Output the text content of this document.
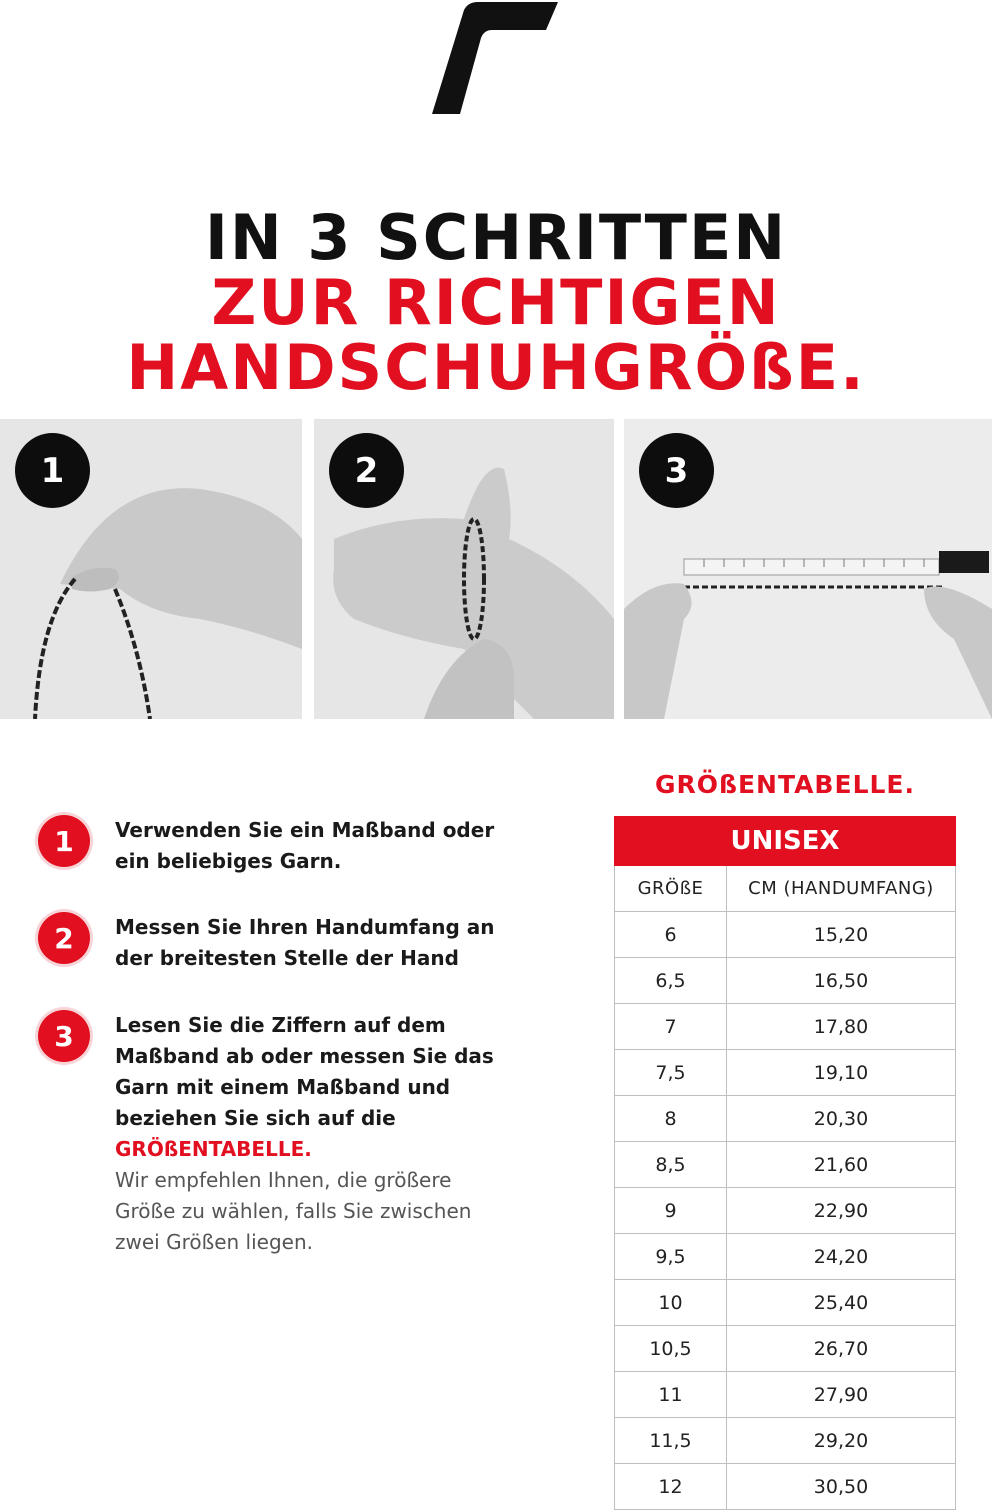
IN 3 SCHRITTEN
ZUR RICHTIGEN
HANDSCHUHGRÖßE.
1	2	3
1	Verwenden Sie ein Maßband oder ein beliebiges Garn.
2	Messen Sie Ihren Handumfang an der breitesten Stelle der Hand
3	Lesen Sie die Ziffern auf dem Maßband ab oder messen Sie das Garn mit einem Maßband und beziehen Sie sich auf die GRÖßENTABELLE.
Wir empfehlen Ihnen, die größere Größe zu wählen, falls Sie zwischen zwei Größen liegen.
GRÖßENTABELLE.
UNISEX
GRÖßE	CM (HANDUMFANG)
6	15,20
6,5	16,50
7	17,80
7,5	19,10
8	20,30
8,5	21,60
9	22,90
9,5	24,20
10	25,40
10,5	26,70
11	27,90
11,5	29,20
12	30,50
